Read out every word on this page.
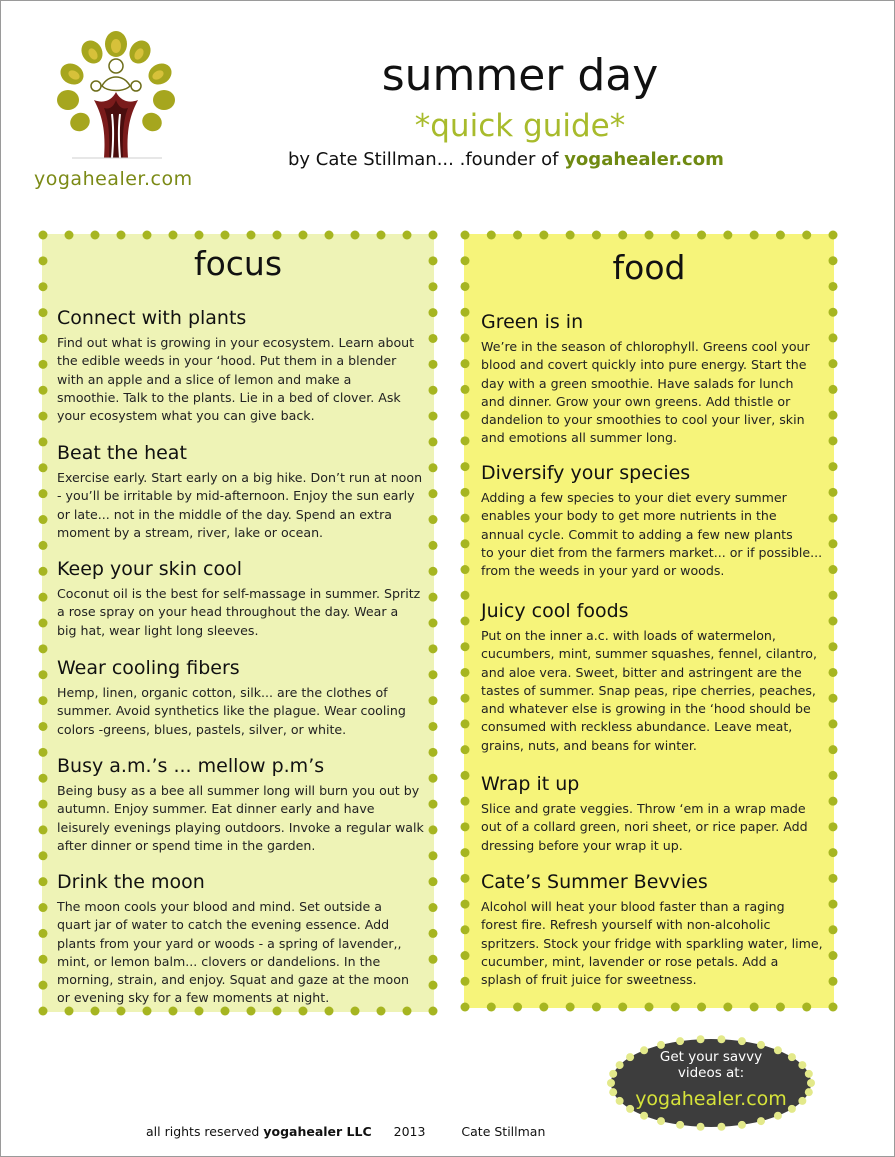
yogahealer.com
summer day
*quick guide*
by Cate Stillman... .founder of yogahealer.com
focus	food
Connect with plants
Find out what is growing in your ecosystem. Learn about
the edible weeds in your ‘hood. Put them in a blender
with an apple and a slice of lemon and make a
smoothie. Talk to the plants. Lie in a bed of clover. Ask
your ecosystem what you can give back.
Beat the heat
Exercise early. Start early on a big hike. Don’t run at noon
- you’ll be irritable by mid-afternoon. Enjoy the sun early
or late... not in the middle of the day. Spend an extra
moment by a stream, river, lake or ocean.
Keep your skin cool
Coconut oil is the best for self-massage in summer. Spritz
a rose spray on your head throughout the day. Wear a
big hat, wear light long sleeves.
Wear cooling fibers
Hemp, linen, organic cotton, silk... are the clothes of
summer. Avoid synthetics like the plague. Wear cooling
colors -greens, blues, pastels, silver, or white.
Busy a.m.’s ... mellow p.m’s
Being busy as a bee all summer long will burn you out by
autumn. Enjoy summer. Eat dinner early and have
leisurely evenings playing outdoors. Invoke a regular walk
after dinner or spend time in the garden.
Drink the moon
The moon cools your blood and mind. Set outside a
quart jar of water to catch the evening essence. Add
plants from your yard or woods - a spring of lavender,,
mint, or lemon balm... clovers or dandelions. In the
morning, strain, and enjoy. Squat and gaze at the moon
or evening sky for a few moments at night.
Green is in
We’re in the season of chlorophyll. Greens cool your
blood and covert quickly into pure energy. Start the
day with a green smoothie. Have salads for lunch
and dinner. Grow your own greens. Add thistle or
dandelion to your smoothies to cool your liver, skin
and emotions all summer long.
Diversify your species
Adding a few species to your diet every summer
enables your body to get more nutrients in the
annual cycle. Commit to adding a few new plants
to your diet from the farmers market... or if possible...
from the weeds in your yard or woods.
Juicy cool foods
Put on the inner a.c. with loads of watermelon,
cucumbers, mint, summer squashes, fennel, cilantro,
and aloe vera. Sweet, bitter and astringent are the
tastes of summer. Snap peas, ripe cherries, peaches,
and whatever else is growing in the ‘hood should be
consumed with reckless abundance. Leave meat,
grains, nuts, and beans for winter.
Wrap it up
Slice and grate veggies. Throw ‘em in a wrap made
out of a collard green, nori sheet, or rice paper. Add
dressing before your wrap it up.
Cate’s Summer Bevvies
Alcohol will heat your blood faster than a raging
forest fire. Refresh yourself with non-alcoholic
spritzers. Stock your fridge with sparkling water, lime,
cucumber, mint, lavender or rose petals. Add a
splash of fruit juice for sweetness.
Get your savvy
videos at:
yogahealer.com
all rights reserved yogahealer LLC 2013	Cate Stillman
